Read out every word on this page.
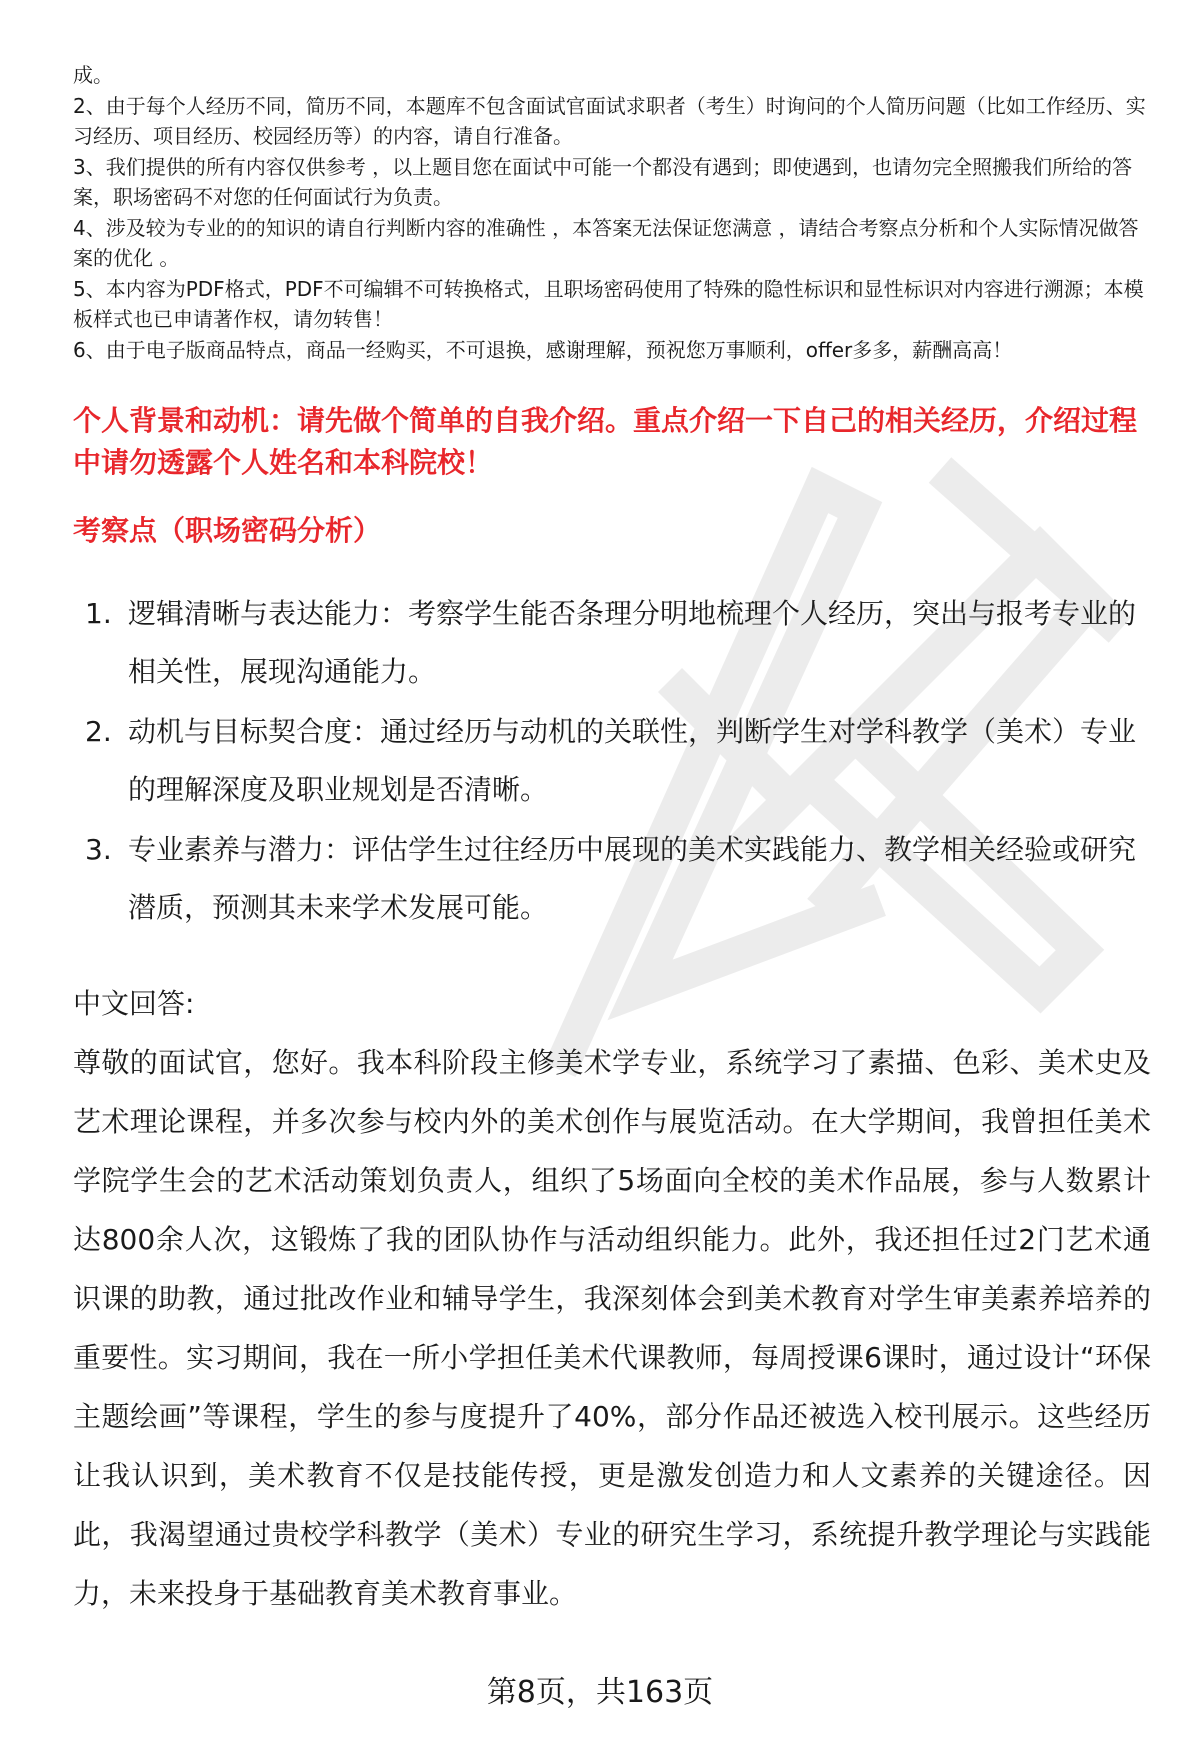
成。

2、由于每个人经历不同，简历不同，本题库不包含面试官面试求职者（考生）时询问的个人简历问题（比如工作经历、实习经历、项目经历、校园经历等）的内容，请自行准备。

3、我们提供的所有内容仅供参考 ，以上题目您在面试中可能一个都没有遇到；即使遇到，也请勿完全照搬我们所给的答案，职场密码不对您的任何面试行为负责。

4、涉及较为专业的的知识的请自行判断内容的准确性 ，本答案无法保证您满意 ，请结合考察点分析和个人实际情况做答案的优化 。

5、本内容为PDF格式，PDF不可编辑不可转换格式，且职场密码使用了特殊的隐性标识和显性标识对内容进行溯源；本模板样式也已申请著作权，请勿转售！

6、由于电子版商品特点，商品一经购买，不可退换，感谢理解，预祝您万事顺利，offer多多，薪酬高高！

个人背景和动机：请先做个简单的自我介绍。重点介绍一下自己的相关经历，介绍过程中请勿透露个人姓名和本科院校！
考察点（职场密码分析）
1. 逻辑清晰与表达能力：考察学生能否条理分明地梳理个人经历，突出与报考专业的相关性，展现沟通能力。
2. 动机与目标契合度：通过经历与动机的关联性，判断学生对学科教学（美术）专业的理解深度及职业规划是否清晰。
3. 专业素养与潜力：评估学生过往经历中展现的美术实践能力、教学相关经验或研究潜质，预测其未来学术发展可能。
中文回答:

尊敬的面试官，您好。我本科阶段主修美术学专业，系统学习了素描、色彩、美术史及艺术理论课程，并多次参与校内外的美术创作与展览活动。在大学期间，我曾担任美术学院学生会的艺术活动策划负责人，组织了5场面向全校的美术作品展，参与人数累计达800余人次，这锻炼了我的团队协作与活动组织能力。此外，我还担任过2门艺术通识课的助教，通过批改作业和辅导学生，我深刻体会到美术教育对学生审美素养培养的重要性。实习期间，我在一所小学担任美术代课教师，每周授课6课时，通过设计“环保主题绘画”等课程，学生的参与度提升了40%，部分作品还被选入校刊展示。这些经历让我认识到，美术教育不仅是技能传授，更是激发创造力和人文素养的关键途径。因此，我渴望通过贵校学科教学（美术）专业的研究生学习，系统提升教学理论与实践能力，未来投身于基础教育美术教育事业。

第8页，共163页
